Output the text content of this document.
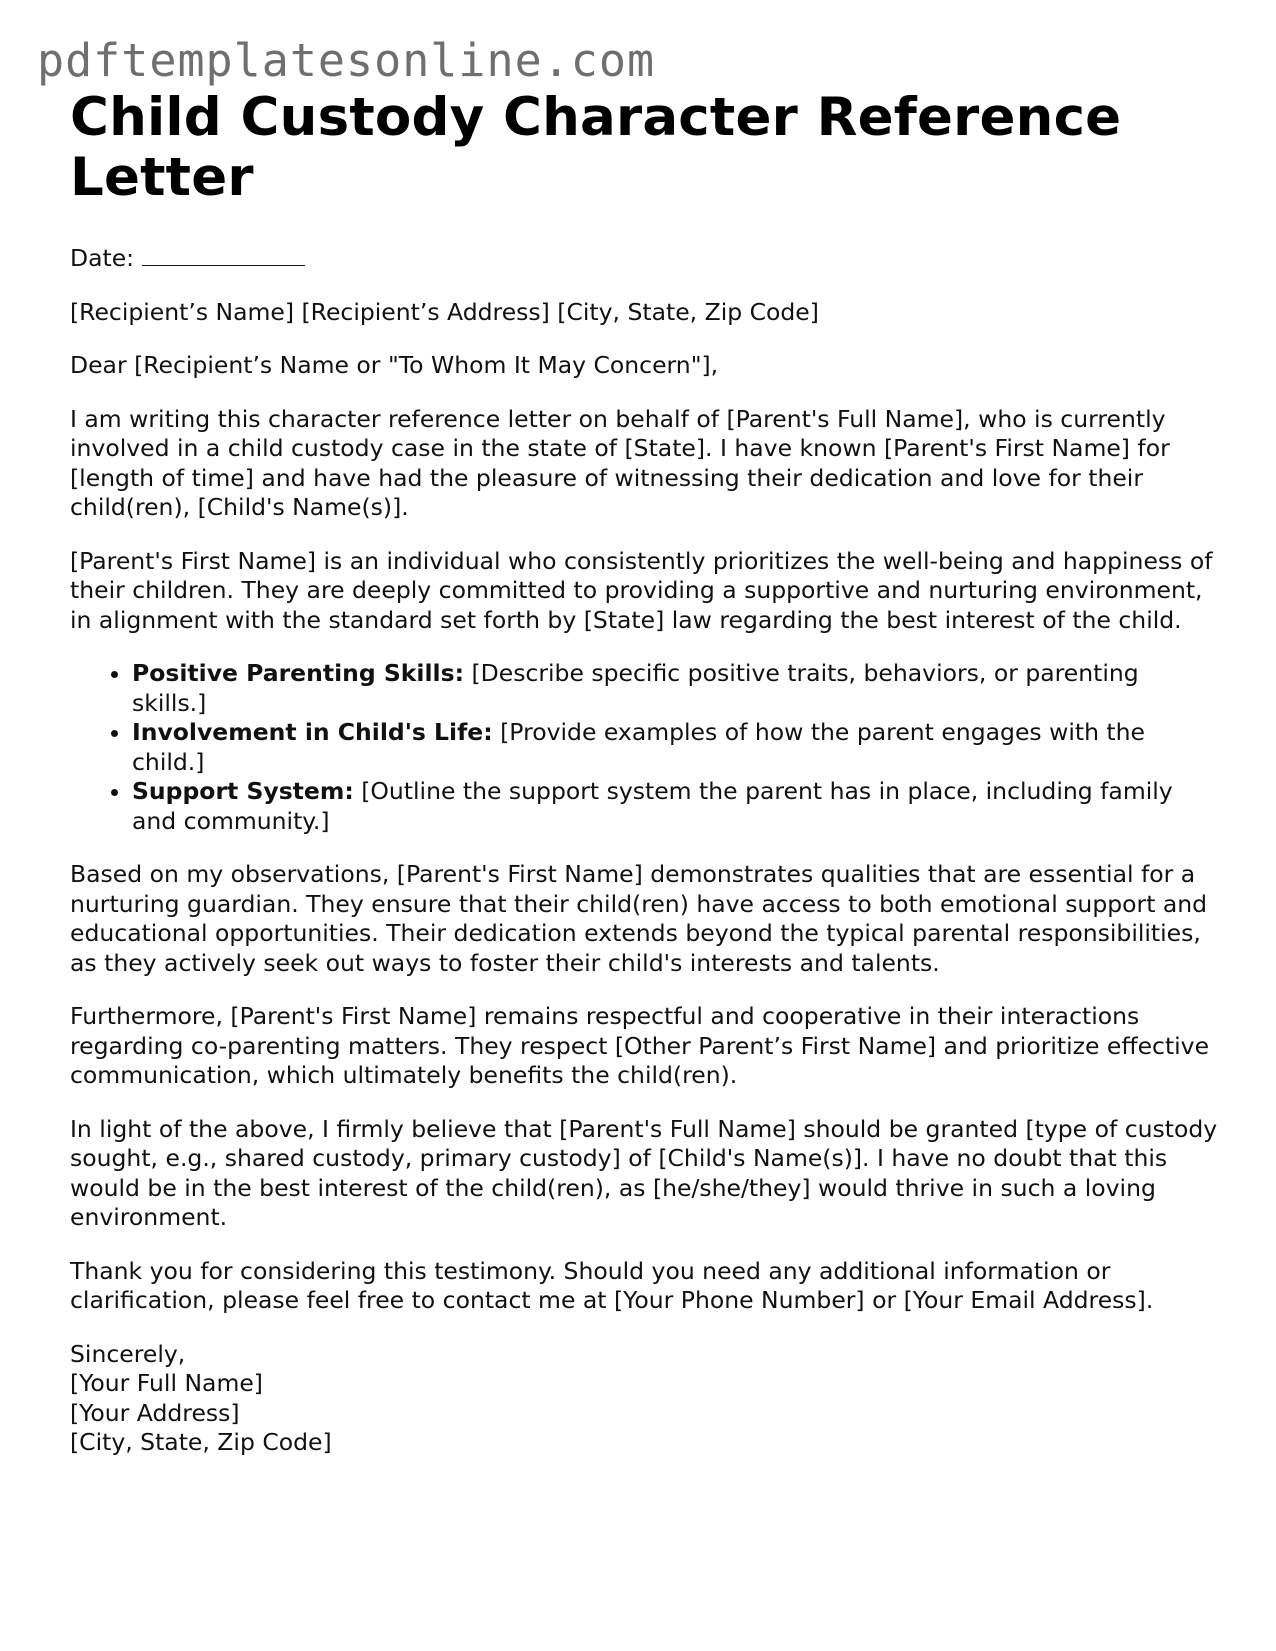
pdftemplatesonline.com
Child Custody Character Reference Letter

Date:

[Recipient’s Name] [Recipient’s Address] [City, State, Zip Code]

Dear [Recipient’s Name or "To Whom It May Concern"],

I am writing this character reference letter on behalf of [Parent's Full Name], who is currently involved in a child custody case in the state of [State]. I have known [Parent's First Name] for [length of time] and have had the pleasure of witnessing their dedication and love for their child(ren), [Child's Name(s)].

[Parent's First Name] is an individual who consistently prioritizes the well-being and happiness of their children. They are deeply committed to providing a supportive and nurturing environment, in alignment with the standard set forth by [State] law regarding the best interest of the child.

• Positive Parenting Skills: [Describe specific positive traits, behaviors, or parenting skills.]
• Involvement in Child's Life: [Provide examples of how the parent engages with the child.]
• Support System: [Outline the support system the parent has in place, including family and community.]

Based on my observations, [Parent's First Name] demonstrates qualities that are essential for a nurturing guardian. They ensure that their child(ren) have access to both emotional support and educational opportunities. Their dedication extends beyond the typical parental responsibilities, as they actively seek out ways to foster their child's interests and talents.

Furthermore, [Parent's First Name] remains respectful and cooperative in their interactions regarding co-parenting matters. They respect [Other Parent’s First Name] and prioritize effective communication, which ultimately benefits the child(ren).

In light of the above, I firmly believe that [Parent's Full Name] should be granted [type of custody sought, e.g., shared custody, primary custody] of [Child's Name(s)]. I have no doubt that this would be in the best interest of the child(ren), as [he/she/they] would thrive in such a loving environment.

Thank you for considering this testimony. Should you need any additional information or clarification, please feel free to contact me at [Your Phone Number] or [Your Email Address].

Sincerely,

[Your Full Name]

[Your Address]

[City, State, Zip Code]
